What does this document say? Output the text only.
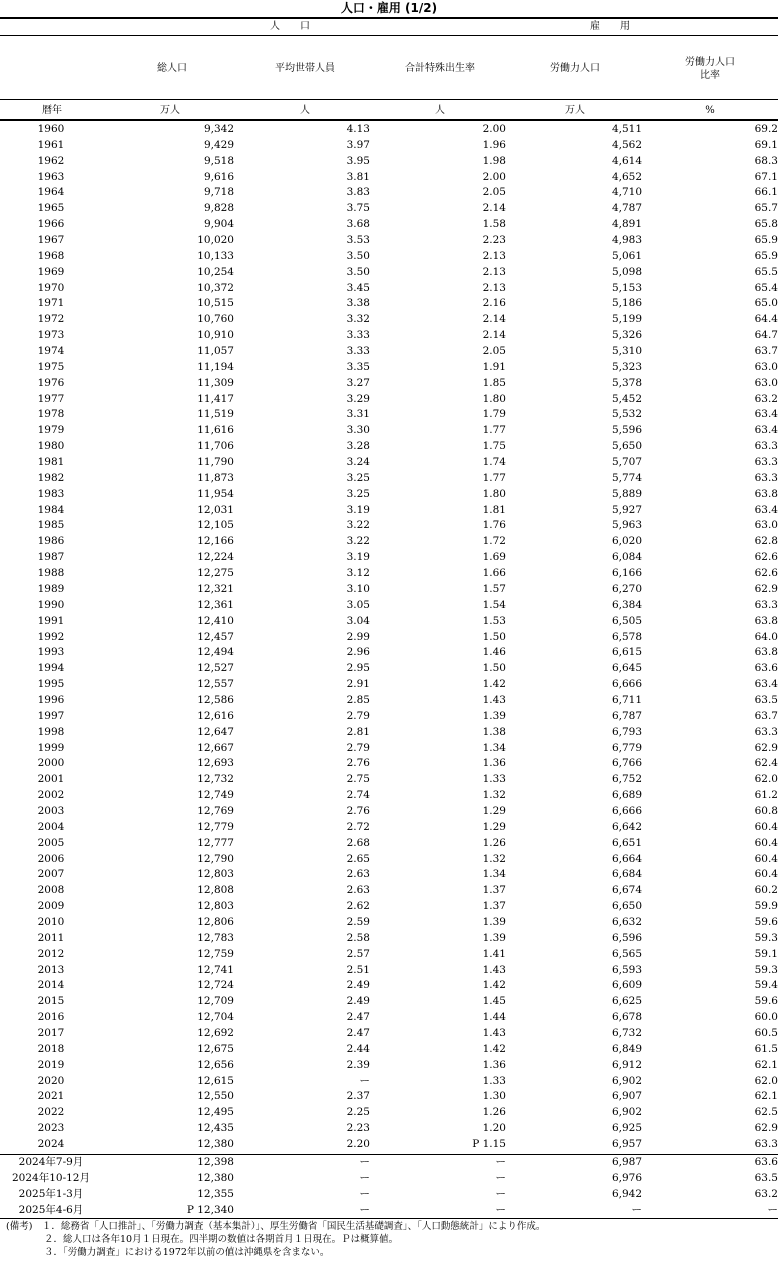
人口・雇用 (1/2)
人　　口	雇　　用
総人口	平均世帯人員	合計特殊出生率	労働力人口
労働力人口
比率
暦年	万人	人	人	万人	%
1960	9,342	4.13	2.00	4,511	69.2
1961	9,429	3.97	1.96	4,562	69.1
1962	9,518	3.95	1.98	4,614	68.3
1963	9,616	3.81	2.00	4,652	67.1
1964	9,718	3.83	2.05	4,710	66.1
1965	9,828	3.75	2.14	4,787	65.7
1966	9,904	3.68	1.58	4,891	65.8
1967	10,020	3.53	2.23	4,983	65.9
1968	10,133	3.50	2.13	5,061	65.9
1969	10,254	3.50	2.13	5,098	65.5
1970	10,372	3.45	2.13	5,153	65.4
1971	10,515	3.38	2.16	5,186	65.0
1972	10,760	3.32	2.14	5,199	64.4
1973	10,910	3.33	2.14	5,326	64.7
1974	11,057	3.33	2.05	5,310	63.7
1975	11,194	3.35	1.91	5,323	63.0
1976	11,309	3.27	1.85	5,378	63.0
1977	11,417	3.29	1.80	5,452	63.2
1978	11,519	3.31	1.79	5,532	63.4
1979	11,616	3.30	1.77	5,596	63.4
1980	11,706	3.28	1.75	5,650	63.3
1981	11,790	3.24	1.74	5,707	63.3
1982	11,873	3.25	1.77	5,774	63.3
1983	11,954	3.25	1.80	5,889	63.8
1984	12,031	3.19	1.81	5,927	63.4
1985	12,105	3.22	1.76	5,963	63.0
1986	12,166	3.22	1.72	6,020	62.8
1987	12,224	3.19	1.69	6,084	62.6
1988	12,275	3.12	1.66	6,166	62.6
1989	12,321	3.10	1.57	6,270	62.9
1990	12,361	3.05	1.54	6,384	63.3
1991	12,410	3.04	1.53	6,505	63.8
1992	12,457	2.99	1.50	6,578	64.0
1993	12,494	2.96	1.46	6,615	63.8
1994	12,527	2.95	1.50	6,645	63.6
1995	12,557	2.91	1.42	6,666	63.4
1996	12,586	2.85	1.43	6,711	63.5
1997	12,616	2.79	1.39	6,787	63.7
1998	12,647	2.81	1.38	6,793	63.3
1999	12,667	2.79	1.34	6,779	62.9
2000	12,693	2.76	1.36	6,766	62.4
2001	12,732	2.75	1.33	6,752	62.0
2002	12,749	2.74	1.32	6,689	61.2
2003	12,769	2.76	1.29	6,666	60.8
2004	12,779	2.72	1.29	6,642	60.4
2005	12,777	2.68	1.26	6,651	60.4
2006	12,790	2.65	1.32	6,664	60.4
2007	12,803	2.63	1.34	6,684	60.4
2008	12,808	2.63	1.37	6,674	60.2
2009	12,803	2.62	1.37	6,650	59.9
2010	12,806	2.59	1.39	6,632	59.6
2011	12,783	2.58	1.39	6,596	59.3
2012	12,759	2.57	1.41	6,565	59.1
2013	12,741	2.51	1.43	6,593	59.3
2014	12,724	2.49	1.42	6,609	59.4
2015	12,709	2.49	1.45	6,625	59.6
2016	12,704	2.47	1.44	6,678	60.0
2017	12,692	2.47	1.43	6,732	60.5
2018	12,675	2.44	1.42	6,849	61.5
2019	12,656	2.39	1.36	6,912	62.1
2020	12,615	ー	1.33	6,902	62.0
2021	12,550	2.37	1.30	6,907	62.1
2022	12,495	2.25	1.26	6,902	62.5
2023	12,435	2.23	1.20	6,925	62.9
2024	12,380	2.20	P 1.15	6,957	63.3
2024年7-9月	12,398	ー	ー	6,987	63.6
2024年10-12月	12,380	ー	ー	6,976	63.5
2025年1-3月	12,355	ー	ー	6,942	63.2
2025年4-6月	P 12,340	ー	ー	ー	ー
(備考)　１．総務省「人口推計」、「労働力調査（基本集計）」、厚生労働省「国民生活基礎調査」、「人口動態統計」により作成。
　　　　２．総人口は各年10月１日現在。四半期の数値は各期首月１日現在。Ｐは概算値。
　　　　３．「労働力調査」における1972年以前の値は沖縄県を含まない。
